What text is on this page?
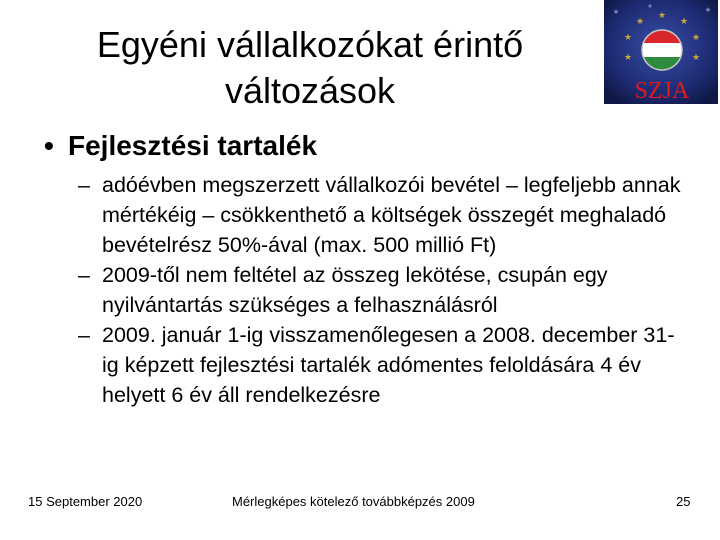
Egyéni vállalkozókat érintő
változások
★
★
★
★
★
★
★
★	★
★
SZJA
• Fejlesztési tartalék
– adóévben megszerzett vállalkozói bevétel – legfeljebb annak mértékéig – csökkenthető a költségek összegét meghaladó bevételrész 50%-ával (max. 500 millió Ft)
– 2009-től nem feltétel az összeg lekötése, csupán egy nyilvántartás szükséges a felhasználásról
– 2009. január 1-ig visszamenőlegesen a 2008. december 31-ig képzett fejlesztési tartalék adómentes feloldására 4 év helyett 6 év áll rendelkezésre
15 September 2020	Mérlegképes kötelező továbbképzés 2009	25
